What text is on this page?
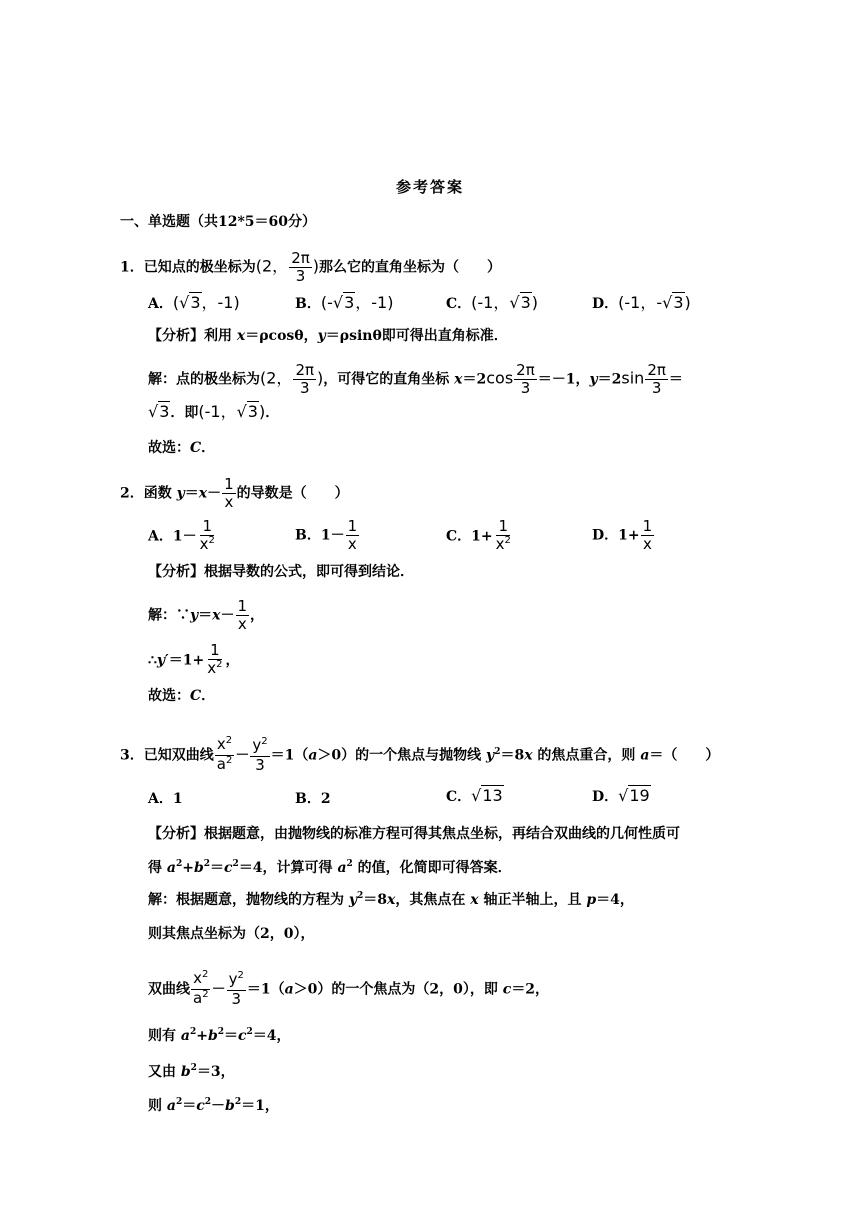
参考答案
一、单选题（共12*5＝60分）
1．已知点的极坐标为(2， $\frac{2\pi}{3}$ )那么它的直角坐标为（　　）
A．(√3，-1)	B．(-√3，-1)	C．(-1，√3)	D．(-1，-√3)
【分析】利用 x＝ρcosθ，y＝ρsinθ即可得出直角标准．
解：点的极坐标为(2， $\frac{2\pi}{3}$ )，可得它的直角坐标 $x=2\cos \frac{2\pi}{3} =-1$，$y=2\sin \frac{2\pi}{3}$ ＝
√3．即(-1，√3)．
故选：C．
2．函数 $y=x- \frac{1}{x}$ 的导数是（　　）
A．$1- \frac{1}{x^2}$	B．$1- \frac{1}{x}$	C．$1+ \frac{1}{x^2}$	D．$1+ \frac{1}{x}$
【分析】根据导数的公式，即可得到结论．
解：∵y＝x－ $\frac{1}{x}$ ，
∴y′＝1+ $\frac{1}{x^2}$ ，
故选：C．
3．已知双曲线 $\frac{x^2}{a^2} - \frac{y^2}{3} =1(a>0)$的一个焦点与抛物线 $y^2=8x$ 的焦点重合，则 a＝（　　）
A．1	B．2	C．√13	D．√19
【分析】根据题意，由抛物线的标准方程可得其焦点坐标，再结合双曲线的几何性质可
得 $a^2+b^2=c^2=4$，计算可得 $a^2$ 的值，化简即可得答案．
解：根据题意，抛物线的方程为 $y^2=8x$，其焦点在 x 轴正半轴上，且 p＝4，
则其焦点坐标为（2，0），
双曲线 $\frac{x^2}{a^2} - \frac{y^2}{3} =1(a>0)$的一个焦点为（2，0），即 c＝2，
则有 $a^2+b^2=c^2=4$，
又由 $b^2=3$，
则 $a^2=c^2-b^2=1$，
